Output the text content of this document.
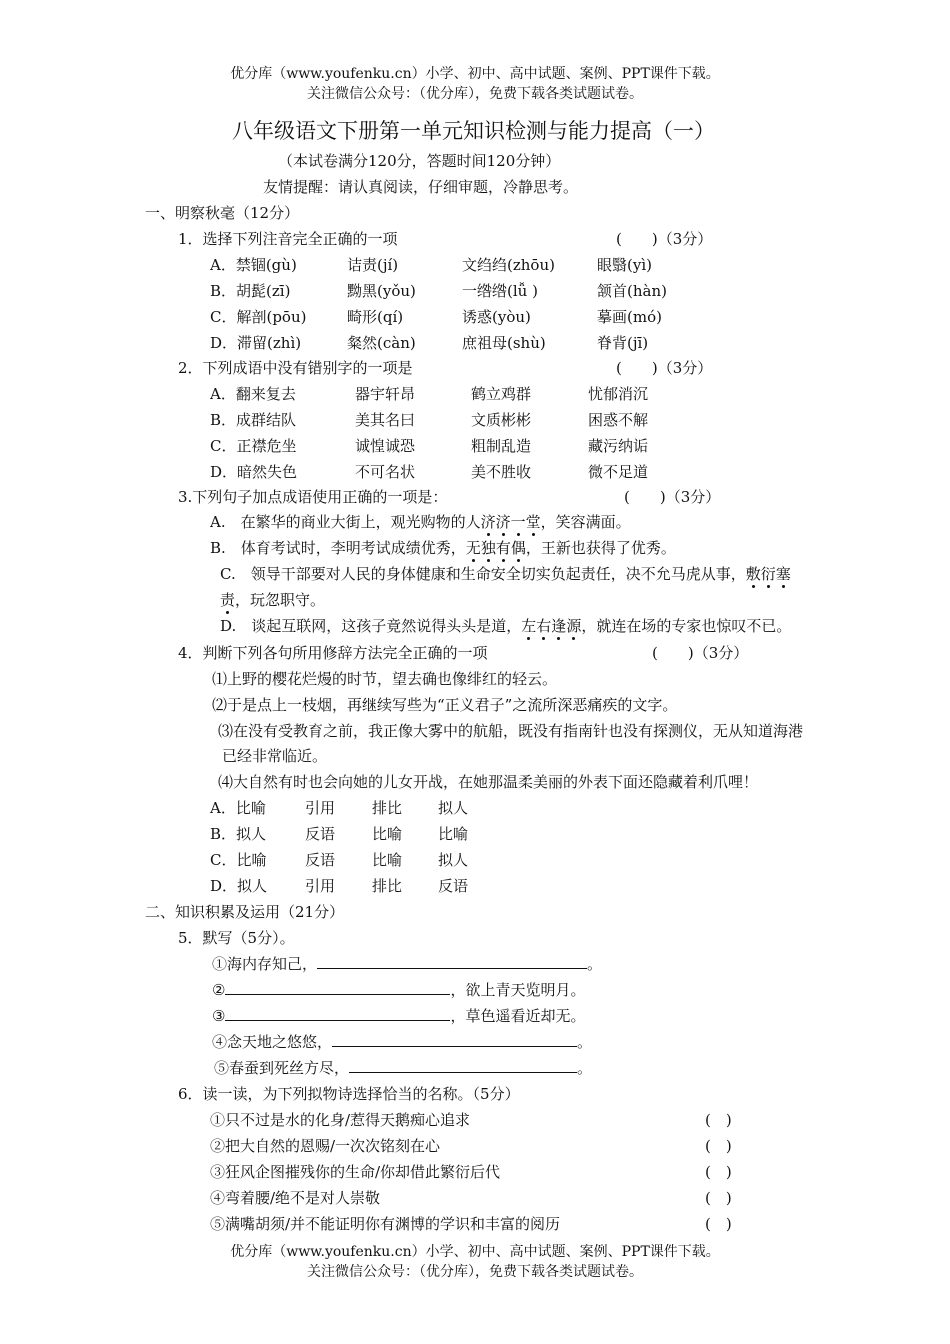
优分库（www.youfenku.cn）小学、初中、高中试题、案例、PPT课件下载。
关注微信公众号：（优分库），免费下载各类试题试卷。
八年级语文下册第一单元知识检测与能力提高（一）
（本试卷满分120分，答题时间120分钟）
友情提醒：请认真阅读，仔细审题，冷静思考。
一、明察秋毫（12分）
1．选择下列注音完全正确的一项	(　　)（3分）
A．禁锢(gù)	诘责(jí)	文绉绉(zhōu)	眼翳(yì)
B．胡髭(zī)	黝黑(yǒu)	一绺绺(lǚ )	颔首(hàn)
C．解剖(pōu)	畸形(qí)	诱惑(yòu)	摹画(mó)
D．滞留(zhì)	粲然(càn)	庶祖母(shù)	脊背(jī)
2．下列成语中没有错别字的一项是	(　　)（3分）
A．翻来复去	器宇轩昂	鹤立鸡群	忧郁消沉
B．成群结队	美其名曰	文质彬彬	困惑不解
C．正襟危坐	诚惶诚恐	粗制乱造	藏污纳诟
D．暗然失色	不可名状	美不胜收	微不足道
3.下列句子加点成语使用正确的一项是：	(　　)（3分）
A.　在繁华的商业大街上，观光购物的人济济一堂，笑容满面。
B.　体育考试时，李明考试成绩优秀，无独有偶，王新也获得了优秀。
C.　领导干部要对人民的身体健康和生命安全切实负起责任，决不允马虎从事，敷衍塞
责，玩忽职守。
D.　谈起互联网，这孩子竟然说得头头是道，左右逢源，就连在场的专家也惊叹不已。
4．判断下列各句所用修辞方法完全正确的一项	(　　)（3分）
⑴上野的樱花烂熳的时节，望去确也像绯红的轻云。
⑵于是点上一枝烟，再继续写些为“正义君子”之流所深恶痛疾的文字。
⑶在没有受教育之前，我正像大雾中的航船，既没有指南针也没有探测仪，无从知道海港
已经非常临近。
⑷大自然有时也会向她的儿女开战，在她那温柔美丽的外表下面还隐藏着利爪哩！
A．比喻	引用 排比 拟人
B．拟人	反语 比喻 比喻
C．比喻	反语 比喻 拟人
D．拟人	引用 排比 反语
二、知识积累及运用（21分）
5．默写（5分）。
①海内存知己，	。
②	，欲上青天览明月。
③	，草色遥看近却无。
④念天地之悠悠，	。
⑤春蚕到死丝方尽，	。
6．读一读，为下列拟物诗选择恰当的名称。（5分）
①只不过是水的化身/惹得天鹅痴心追求	(　)
②把大自然的恩赐/一次次铭刻在心	(　)
③狂风企图摧残你的生命/你却借此繁衍后代	(　)
④弯着腰/绝不是对人崇敬	(　)
⑤满嘴胡须/并不能证明你有渊博的学识和丰富的阅历	(　)
优分库（www.youfenku.cn）小学、初中、高中试题、案例、PPT课件下载。
关注微信公众号：（优分库），免费下载各类试题试卷。
